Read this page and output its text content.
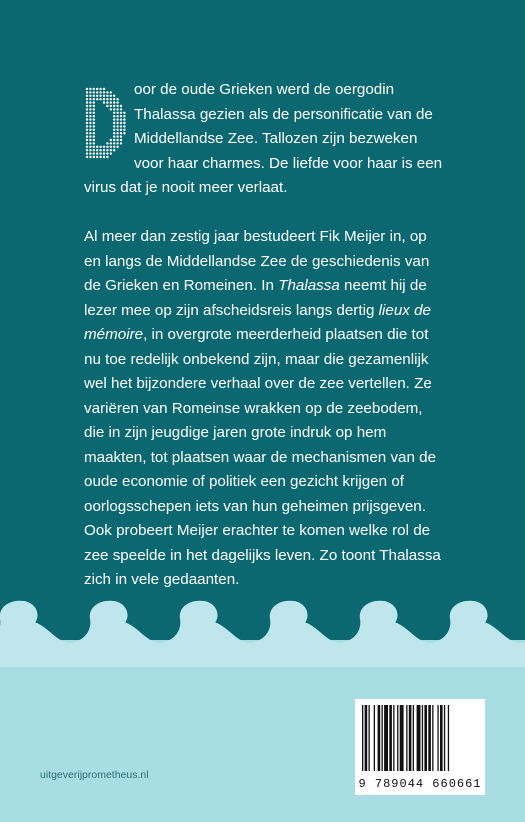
oor de oude Grieken werd de oergodin Thalassa gezien als de personificatie van de Middellandse Zee. Tallozen zijn bezweken voor haar charmes. De liefde voor haar is een virus dat je nooit meer verlaat.

Al meer dan zestig jaar bestudeert Fik Meijer in, op en langs de Middellandse Zee de geschiedenis van de Grieken en Romeinen. In Thalassa neemt hij de lezer mee op zijn afscheidsreis langs dertig lieux de mémoire, in overgrote meerderheid plaatsen die tot nu toe redelijk onbekend zijn, maar die gezamenlijk wel het bijzondere verhaal over de zee vertellen. Ze variëren van Romeinse wrakken op de zeebodem, die in zijn jeugdige jaren grote indruk op hem maakten, tot plaatsen waar de mechanismen van de oude economie of politiek een gezicht krijgen of oorlogsschepen iets van hun geheimen prijsgeven. Ook probeert Meijer erachter te komen welke rol de zee speelde in het dagelijks leven. Zo toont Thalassa zich in vele gedaanten.

9 789044 660661
uitgeverijprometheus.nl
